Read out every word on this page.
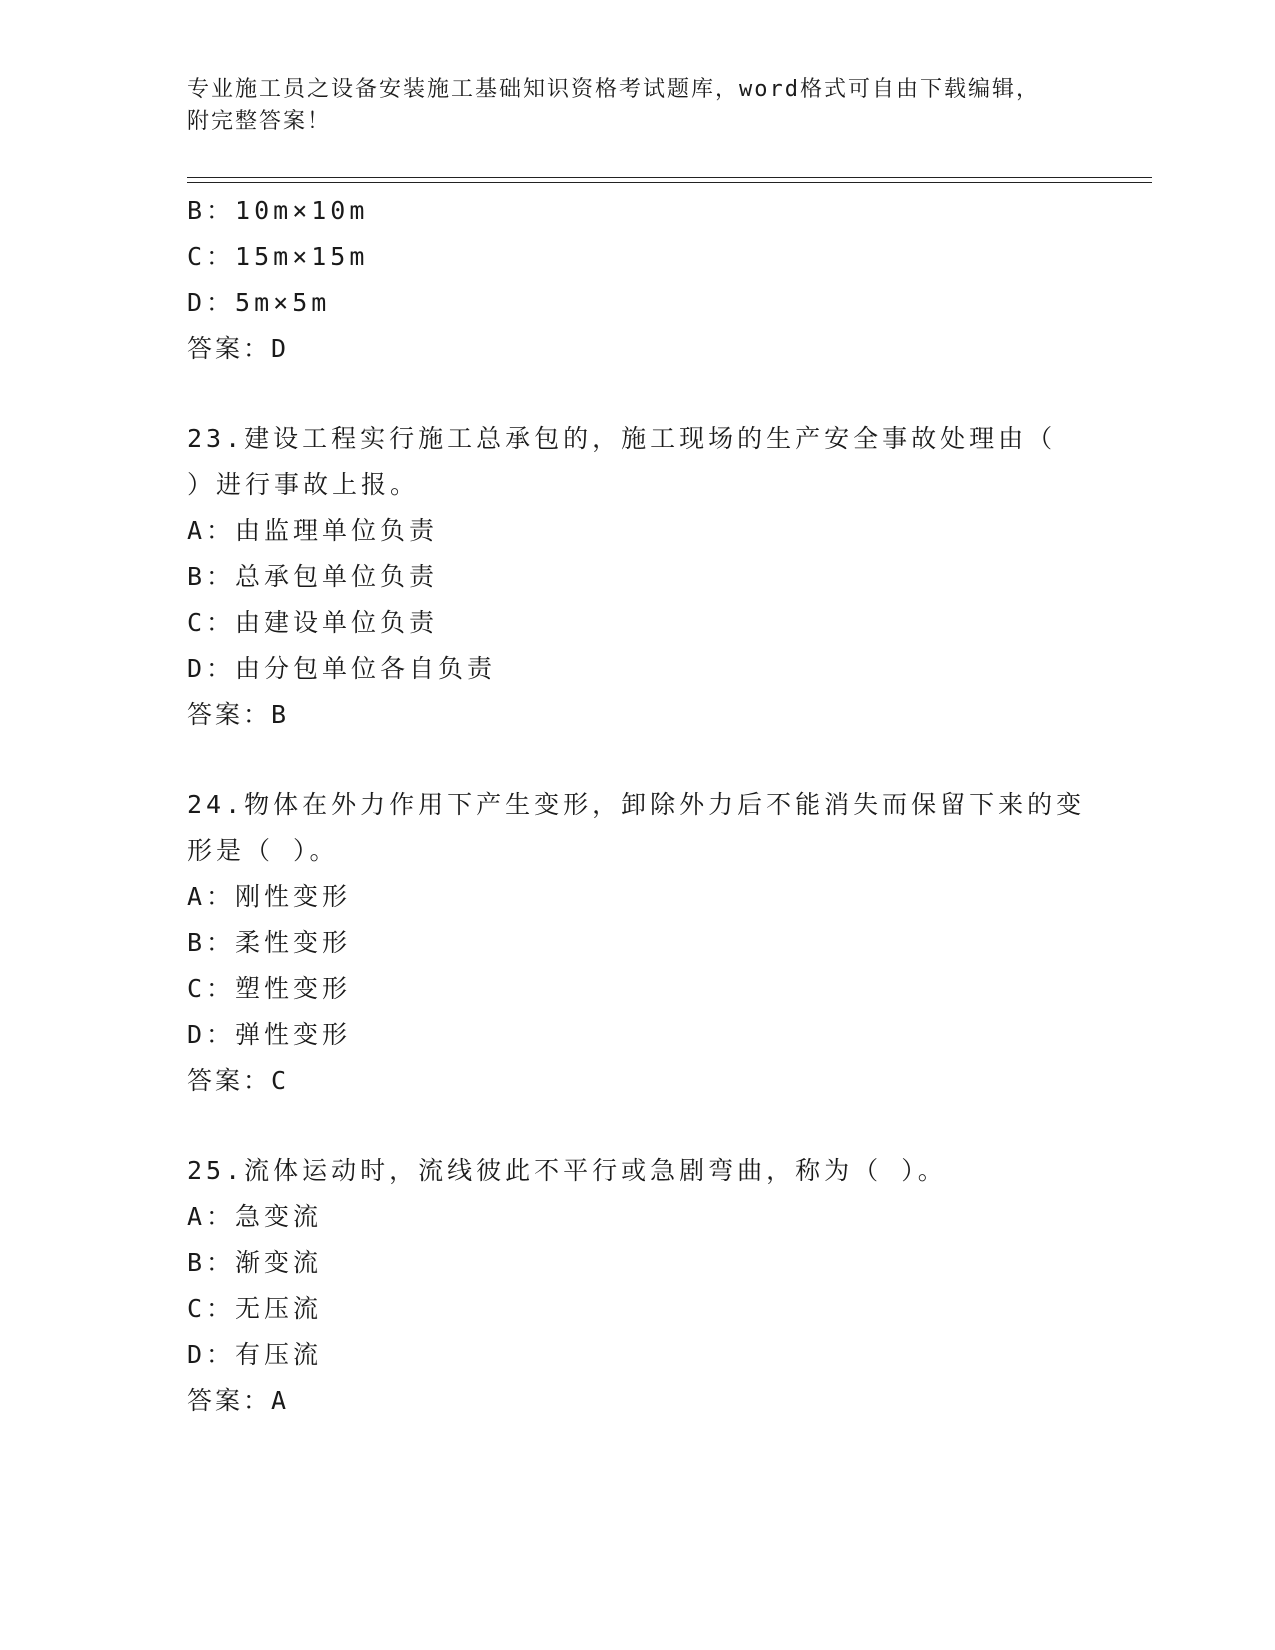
专业施工员之设备安装施工基础知识资格考试题库，word格式可自由下载编辑，
附完整答案！
B：10m×10m
C：15m×15m
D：5m×5m
答案：D
23.建设工程实行施工总承包的，施工现场的生产安全事故处理由（
）进行事故上报。
A：由监理单位负责
B：总承包单位负责
C：由建设单位负责
D：由分包单位各自负责
答案：B
24.物体在外力作用下产生变形，卸除外力后不能消失而保留下来的变
形是（ ）。
A：刚性变形
B：柔性变形
C：塑性变形
D：弹性变形
答案：C
25.流体运动时，流线彼此不平行或急剧弯曲，称为（ ）。
A：急变流
B：渐变流
C：无压流
D：有压流
答案：A
